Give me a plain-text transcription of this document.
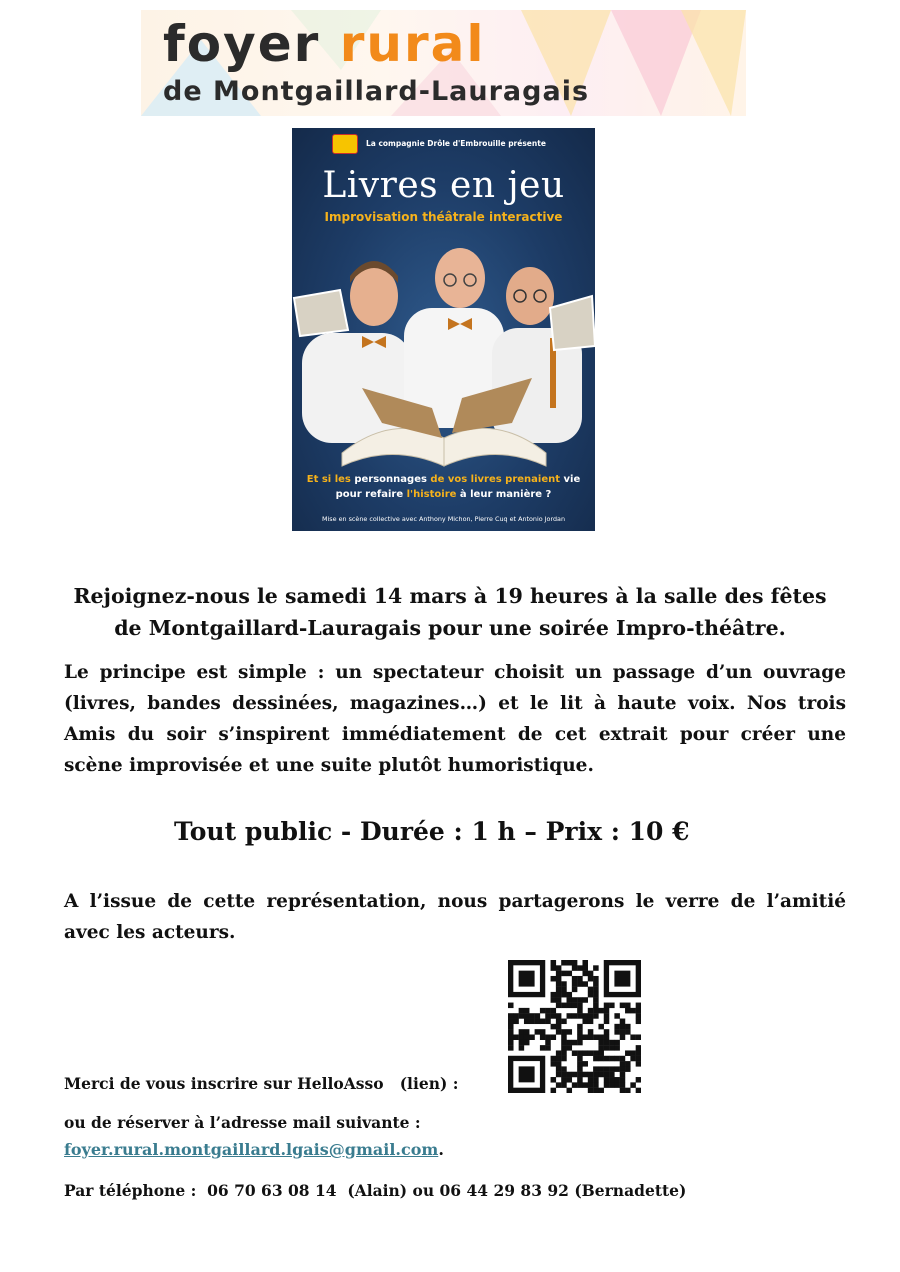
foyer rural
de Montgaillard-Lauragais
La compagnie Drôle d'Embrouille présente
Livres en jeu
Improvisation théâtrale interactive
Et si les personnages de vos livres prenaient vie
pour refaire l'histoire à leur manière ?
Mise en scène collective avec Anthony Michon, Pierre Cuq et Antonio Jordan
Rejoignez-nous le samedi 14 mars à 19 heures à la salle des fêtes
de Montgaillard-Lauragais pour une soirée Impro-théâtre.
Le principe est simple : un spectateur choisit un passage d’un ouvrage (livres, bandes dessinées, magazines…) et le lit à haute voix. Nos trois Amis du soir s’inspirent immédiatement de cet extrait pour créer une scène improvisée et une suite plutôt humoristique.
Tout public - Durée : 1 h – Prix : 10 €
A l’issue de cette représentation, nous partagerons le verre de l’amitié avec les acteurs.
Merci de vous inscrire sur HelloAsso   (lien) :
ou de réserver à l’adresse mail suivante :
foyer.rural.montgaillard.lgais@gmail.com.
Par téléphone :  06 70 63 08 14  (Alain) ou 06 44 29 83 92 (Bernadette)
